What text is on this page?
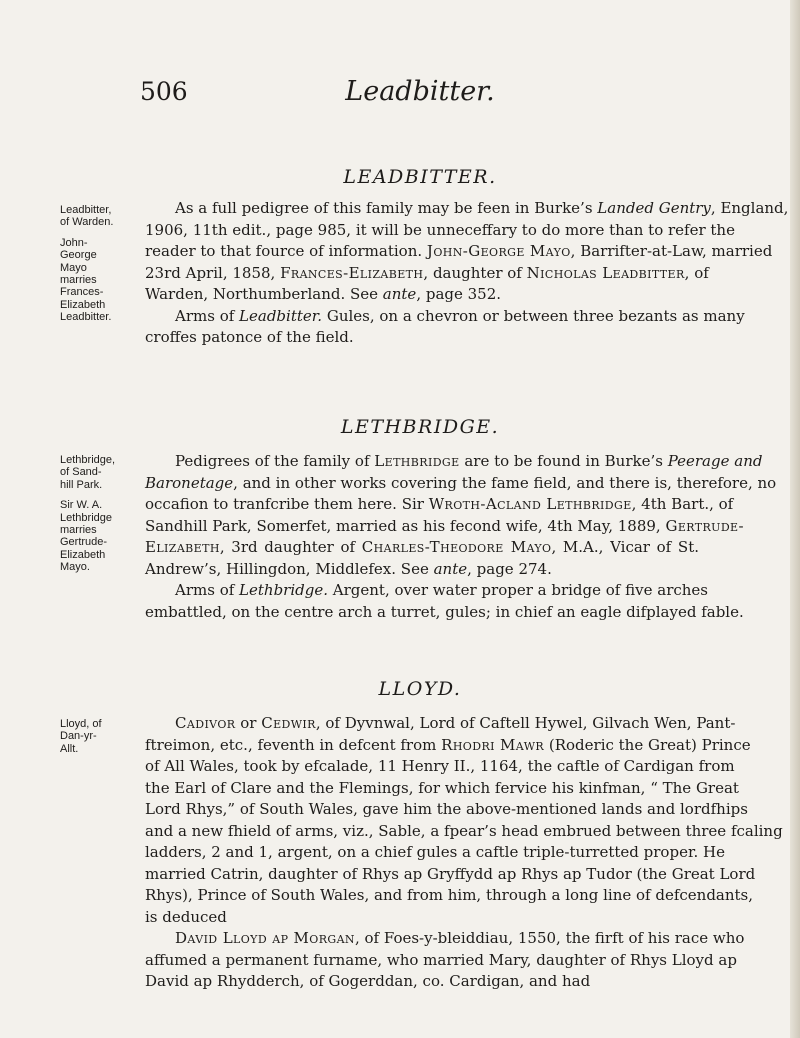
506	Leadbitter.
LEADBITTER.
Leadbitter,
of Warden.
John-
George
Mayo
marries
Frances-
Elizabeth
Leadbitter.
As a full pedigree of this family may be feen in Burke’s Landed Gentry, England,
1906, 11th edit., page 985, it will be unneceffary to do more than to refer the
reader to that fource of information. John-George Mayo, Barrifter-at-Law, married
23rd April, 1858, Frances-Elizabeth, daughter of Nicholas Leadbitter, of
Warden, Northumberland. See ante, page 352.
Arms of Leadbitter. Gules, on a chevron or between three bezants as many
croffes patonce of the field.
LETHBRIDGE.
Lethbridge,
of Sand-
hill Park.
Sir W. A.
Lethbridge
marries
Gertrude-
Elizabeth
Mayo.
Pedigrees of the family of Lethbridge are to be found in Burke’s Peerage and
Baronetage, and in other works covering the fame field, and there is, therefore, no
occafion to tranfcribe them here. Sir Wroth-Acland Lethbridge, 4th Bart., of
Sandhill Park, Somerfet, married as his fecond wife, 4th May, 1889, Gertrude-
Elizabeth, 3rd daughter of Charles-Theodore Mayo, M.A., Vicar of St.
Andrew’s, Hillingdon, Middlefex. See ante, page 274.
Arms of Lethbridge. Argent, over water proper a bridge of five arches
embattled, on the centre arch a turret, gules; in chief an eagle difplayed fable.
LLOYD.
Lloyd, of
Dan-yr-
Allt.
Cadivor or Cedwir, of Dyvnwal, Lord of Caftell Hywel, Gilvach Wen, Pant-
ftreimon, etc., feventh in defcent from Rhodri Mawr (Roderic the Great) Prince
of All Wales, took by efcalade, 11 Henry II., 1164, the caftle of Cardigan from
the Earl of Clare and the Flemings, for which fervice his kinfman, “ The Great
Lord Rhys,” of South Wales, gave him the above-mentioned lands and lordfhips
and a new fhield of arms, viz., Sable, a fpear’s head embrued between three fcaling
ladders, 2 and 1, argent, on a chief gules a caftle triple-turretted proper. He
married Catrin, daughter of Rhys ap Gryffydd ap Rhys ap Tudor (the Great Lord
Rhys), Prince of South Wales, and from him, through a long line of defcendants,
is deduced
David Lloyd ap Morgan, of Foes-y-bleiddiau, 1550, the firft of his race who
affumed a permanent furname, who married Mary, daughter of Rhys Lloyd ap
David ap Rhydderch, of Gogerddan, co. Cardigan, and had
